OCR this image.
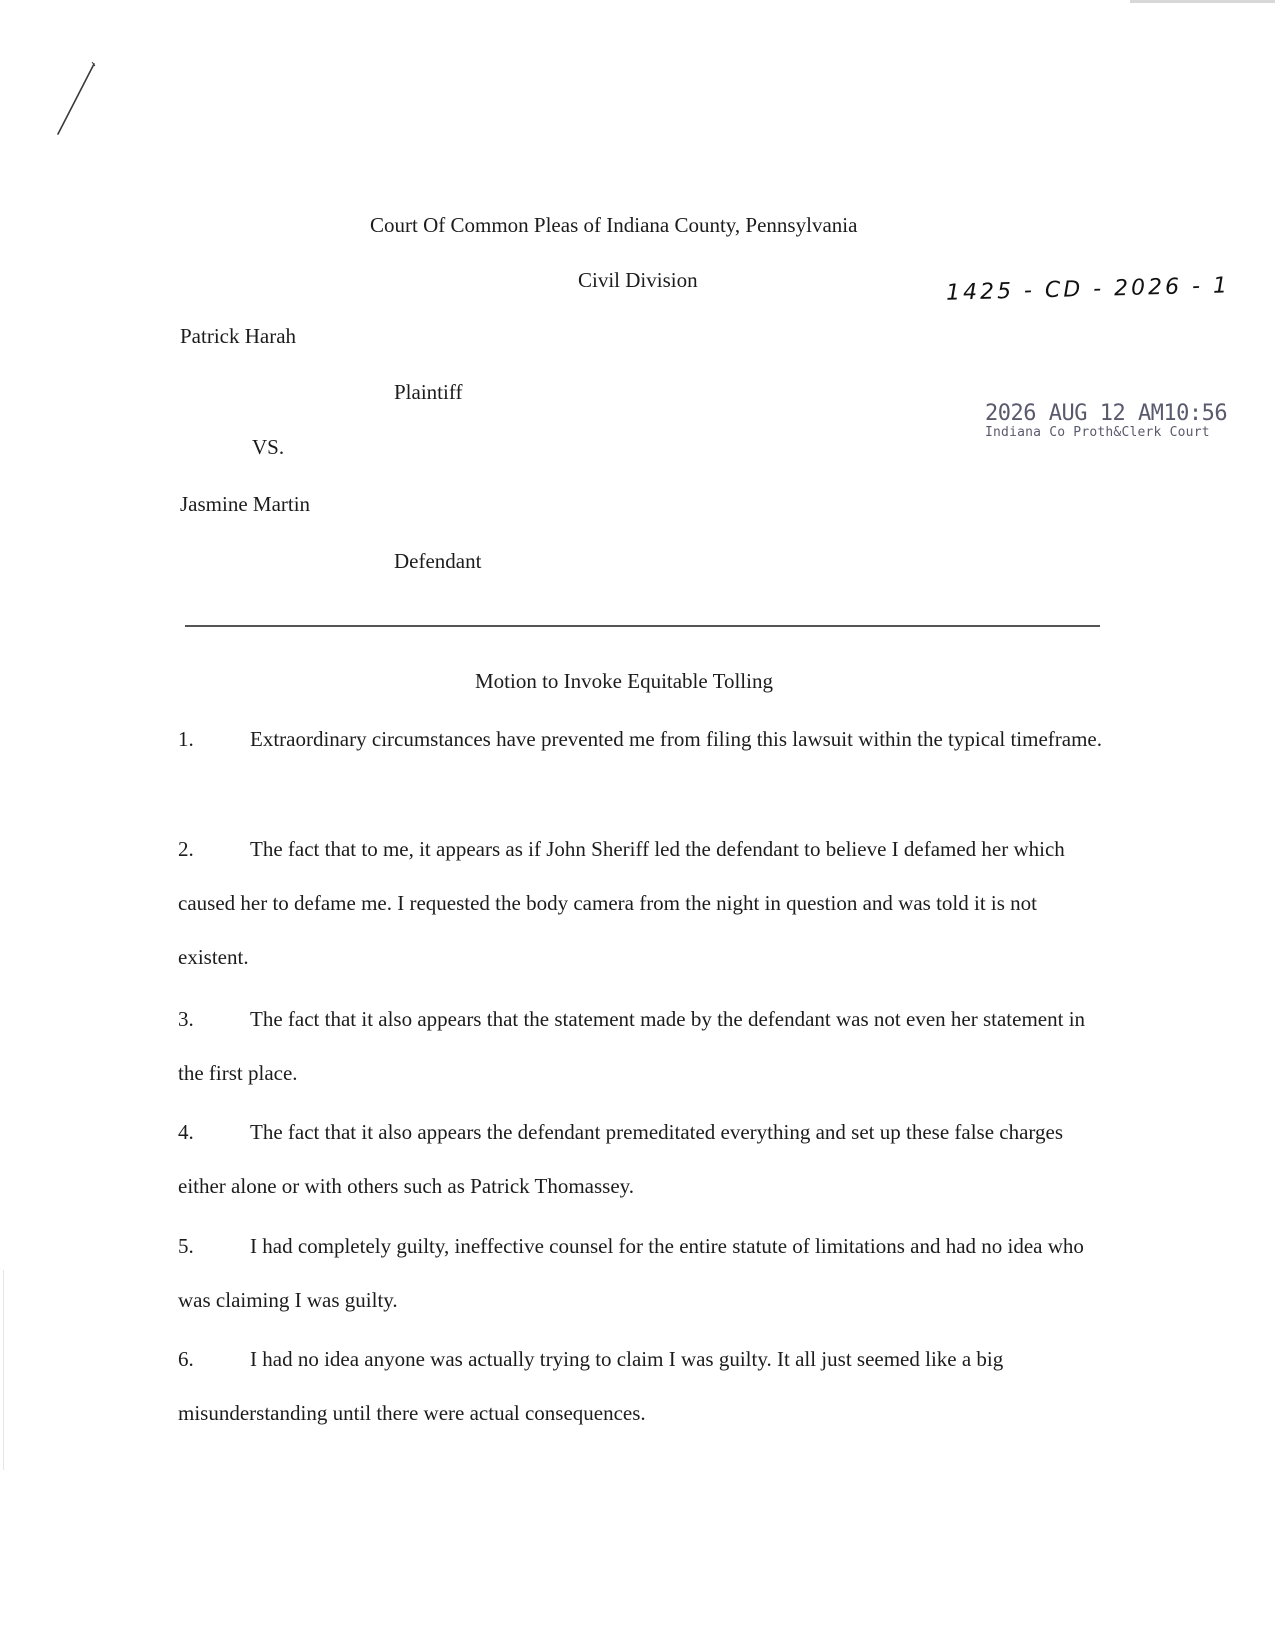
Court Of Common Pleas of Indiana County, Pennsylvania
Civil Division	1425 - CD - 2026 - 1
Patrick Harah
Plaintiff
VS.
Jasmine Martin
Defendant
2026 AUG 12 AM10:56
Indiana Co Proth&Clerk Court
Motion to Invoke Equitable Tolling
1.	Extraordinary circumstances have prevented me from filing this lawsuit within the typical timeframe.
2.	The fact that to me, it appears as if John Sheriff led the defendant to believe I defamed her which caused her to defame me. I requested the body camera from the night in question and was told it is not existent.
3.	The fact that it also appears that the statement made by the defendant was not even her statement in the first place.
4.	The fact that it also appears the defendant premeditated everything and set up these false charges either alone or with others such as Patrick Thomassey.
5.	I had completely guilty, ineffective counsel for the entire statute of limitations and had no idea who was claiming I was guilty.
6.	I had no idea anyone was actually trying to claim I was guilty. It all just seemed like a big misunderstanding until there were actual consequences.
